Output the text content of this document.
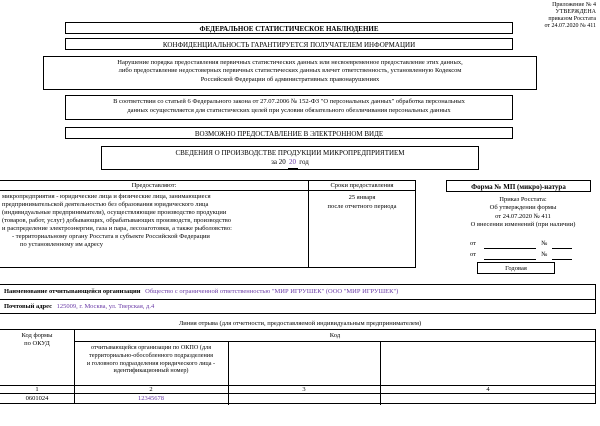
Приложение № 4
УТВЕРЖДЕНА
приказом Росстата
от 24.07.2020 № 411
ФЕДЕРАЛЬНОЕ СТАТИСТИЧЕСКОЕ НАБЛЮДЕНИЕ
КОНФИДЕНЦИАЛЬНОСТЬ ГАРАНТИРУЕТСЯ ПОЛУЧАТЕЛЕМ ИНФОРМАЦИИ
Нарушение порядка предоставления первичных статистических данных или несвоевременное предоставление этих данных,
либо предоставление недостоверных первичных статистических данных влечет ответственность, установленную Кодексом
Российской Федерации об административных правонарушениях
В соответствии со статьей 6 Федерального закона от 27.07.2006 № 152-ФЗ "О персональных данных" обработка персональных
данных осуществляется для статистических целей при условии обязательного обезличивания персональных данных
ВОЗМОЖНО ПРЕДОСТАВЛЕНИЕ В ЭЛЕКТРОННОМ ВИДЕ
СВЕДЕНИЯ О ПРОИЗВОДСТВЕ ПРОДУКЦИИ МИКРОПРЕДПРИЯТИЕМ
за 20 20 год
Предоставляют:	Сроки предоставления
микропредприятия - юридические лица и физические лица, занимающиеся
предпринимательской деятельностью без образования юридического лица
(индивидуальные предприниматели), осуществляющие производство продукции
(товаров, работ, услуг) добывающих, обрабатывающих производств, производство
и распределение электроэнергии, газа и пара, лесозаготовки, а также рыболовство:
- территориальному органу Росстата в субъекте Российской Федерации
по установленному им адресу
25 января
после отчетного периода
Форма № МП (микро)-натура
Приказ Росстата:
Об утверждении формы
от 24.07.2020 № 411
О внесении изменений (при наличии)
от	№
от	№
Годовая
Наименование отчитывающейся организации Общество с ограниченной ответственностью "МИР ИГРУШЕК" (ООО "МИР ИГРУШЕК")
Почтовый адрес 125009, г. Москва, ул. Тверская, д.4
Линия отрыва (для отчетности, предоставляемой индивидуальным предпринимателем)
Код формы
по ОКУД
Код
отчитывающейся организации по ОКПО (для
территориально-обособленного подразделения
и головного подразделения юридического лица -
идентификационный номер)
1	2	3	4
0601024	12345678
